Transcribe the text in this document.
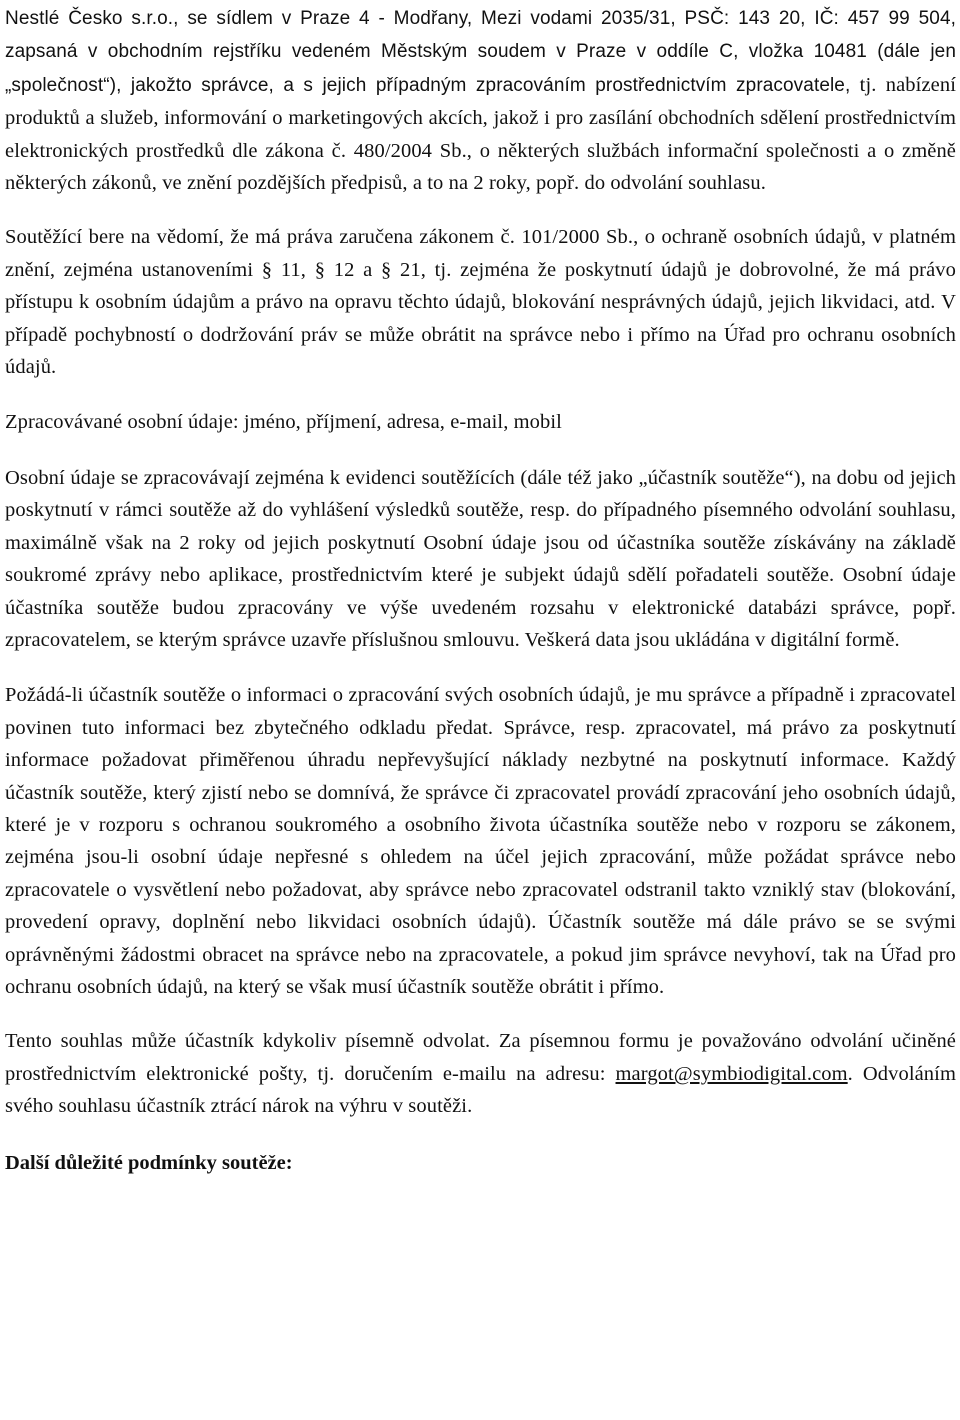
Nestlé Česko s.r.o., se sídlem v Praze 4 - Modřany, Mezi vodami 2035/31, PSČ: 143 20, IČ: 457 99 504, zapsaná v obchodním rejstříku vedeném Městským soudem v Praze v oddíle C, vložka 10481 (dále jen „společnost“), jakožto správce, a s jejich případným zpracováním prostřednictvím zpracovatele, tj. nabízení produktů a služeb, informování o marketingových akcích, jakož i pro zasílání obchodních sdělení prostřednictvím elektronických prostředků dle zákona č. 480/2004 Sb., o některých službách informační společnosti a o změně některých zákonů, ve znění pozdějších předpisů, a to na 2 roky, popř. do odvolání souhlasu.

Soutěžící bere na vědomí, že má práva zaručena zákonem č. 101/2000 Sb., o ochraně osobních údajů, v platném znění, zejména ustanoveními § 11, § 12 a § 21, tj. zejména že poskytnutí údajů je dobrovolné, že má právo přístupu k osobním údajům a právo na opravu těchto údajů, blokování nesprávných údajů, jejich likvidaci, atd. V případě pochybností o dodržování práv se může obrátit na správce nebo i přímo na Úřad pro ochranu osobních údajů.

Zpracovávané osobní údaje: jméno, příjmení, adresa, e-mail, mobil

Osobní údaje se zpracovávají zejména k evidenci soutěžících (dále též jako „účastník soutěže“), na dobu od jejich poskytnutí v rámci soutěže až do vyhlášení výsledků soutěže, resp. do případného písemného odvolání souhlasu, maximálně však na 2 roky od jejich poskytnutí Osobní údaje jsou od účastníka soutěže získávány na základě soukromé zprávy nebo aplikace, prostřednictvím které je subjekt údajů sdělí pořadateli soutěže. Osobní údaje účastníka soutěže budou zpracovány ve výše uvedeném rozsahu v elektronické databázi správce, popř. zpracovatelem, se kterým správce uzavře příslušnou smlouvu. Veškerá data jsou ukládána v digitální formě.

Požádá-li účastník soutěže o informaci o zpracování svých osobních údajů, je mu správce a případně i zpracovatel povinen tuto informaci bez zbytečného odkladu předat. Správce, resp. zpracovatel, má právo za poskytnutí informace požadovat přiměřenou úhradu nepřevyšující náklady nezbytné na poskytnutí informace. Každý účastník soutěže, který zjistí nebo se domnívá, že správce či zpracovatel provádí zpracování jeho osobních údajů, které je v rozporu s ochranou soukromého a osobního života účastníka soutěže nebo v rozporu se zákonem, zejména jsou-li osobní údaje nepřesné s ohledem na účel jejich zpracování, může požádat správce nebo zpracovatele o vysvětlení nebo požadovat, aby správce nebo zpracovatel odstranil takto vzniklý stav (blokování, provedení opravy, doplnění nebo likvidaci osobních údajů). Účastník soutěže má dále právo se se svými oprávněnými žádostmi obracet na správce nebo na zpracovatele, a pokud jim správce nevyhoví, tak na Úřad pro ochranu osobních údajů, na který se však musí účastník soutěže obrátit i přímo.

Tento souhlas může účastník kdykoliv písemně odvolat. Za písemnou formu je považováno odvolání učiněné prostřednictvím elektronické pošty, tj. doručením e-mailu na adresu: margot@symbiodigital.com. Odvoláním svého souhlasu účastník ztrácí nárok na výhru v soutěži.

Další důležité podmínky soutěže:
